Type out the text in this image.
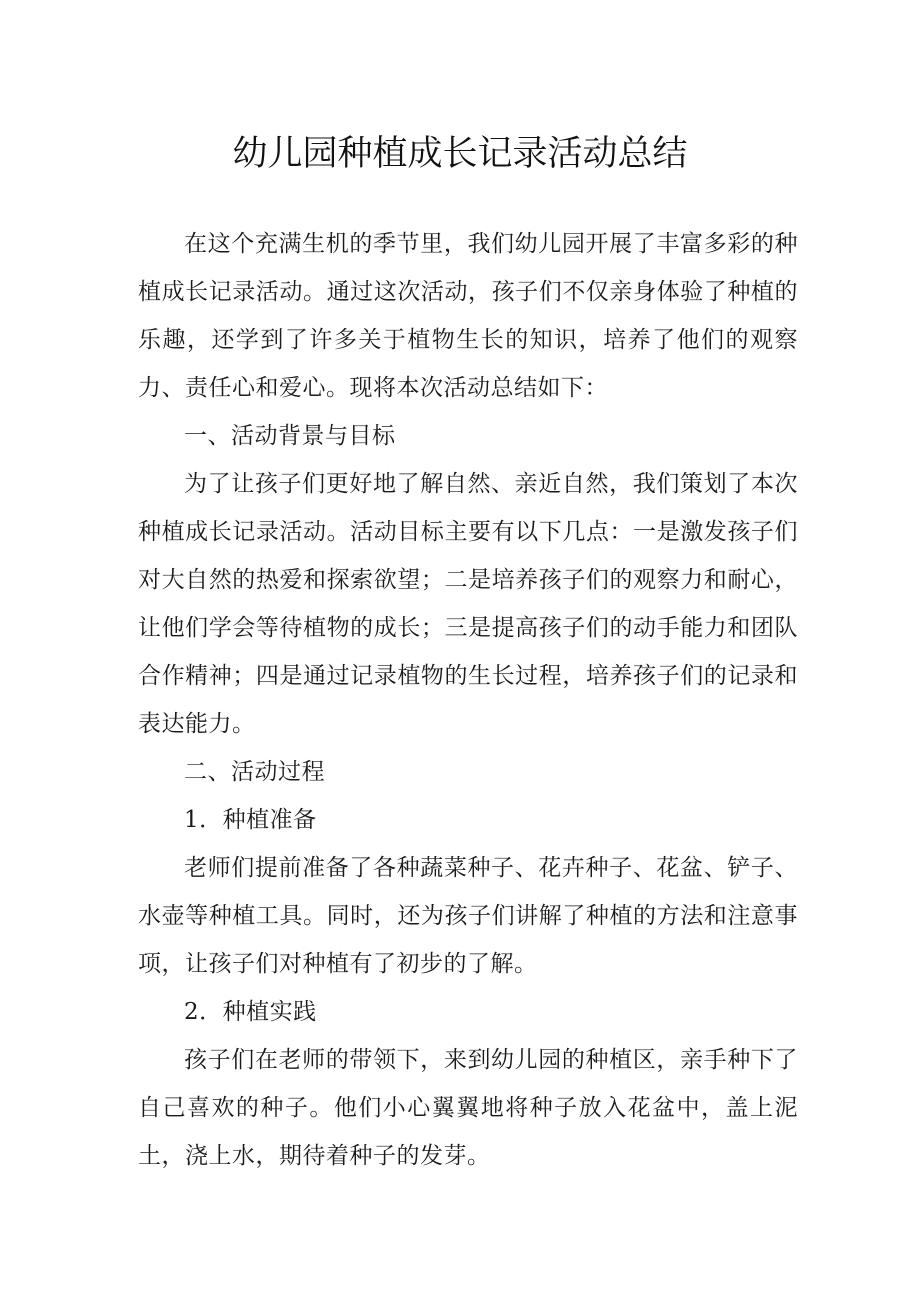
幼儿园种植成长记录活动总结

在这个充满生机的季节里，我们幼儿园开展了丰富多彩的种植成长记录活动。通过这次活动，孩子们不仅亲身体验了种植的乐趣，还学到了许多关于植物生长的知识，培养了他们的观察力、责任心和爱心。现将本次活动总结如下：

一、活动背景与目标

为了让孩子们更好地了解自然、亲近自然，我们策划了本次种植成长记录活动。活动目标主要有以下几点：一是激发孩子们对大自然的热爱和探索欲望；二是培养孩子们的观察力和耐心，让他们学会等待植物的成长；三是提高孩子们的动手能力和团队合作精神；四是通过记录植物的生长过程，培养孩子们的记录和表达能力。

二、活动过程

1．种植准备

老师们提前准备了各种蔬菜种子、花卉种子、花盆、铲子、水壶等种植工具。同时，还为孩子们讲解了种植的方法和注意事项，让孩子们对种植有了初步的了解。

2．种植实践

孩子们在老师的带领下，来到幼儿园的种植区，亲手种下了自己喜欢的种子。他们小心翼翼地将种子放入花盆中，盖上泥土，浇上水，期待着种子的发芽。
